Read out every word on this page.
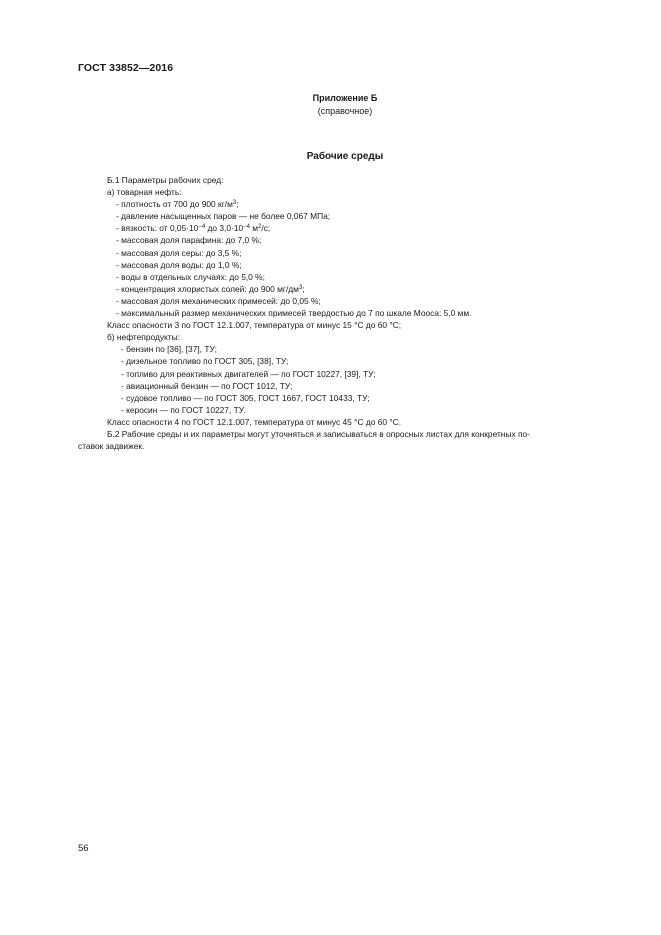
ГОСТ 33852—2016
Приложение Б
(справочное)
Рабочие среды
Б.1 Параметры рабочих сред:
а) товарная нефть:
- плотность от 700 до 900 $кг/м^3$;
- давление насыщенных паров — не более 0,067 МПа;
- вязкость: от $0,05\cdot 10^{-4}$ до $3,0\cdot 10^{-4}$ $м^2/с$;
- массовая доля парафина: до 7,0 %;
- массовая доля серы: до 3,5 %;
- массовая доля воды: до 1,0 %;
- воды в отдельных случаях: до 5,0 %;
- концентрация хлористых солей: до 900 $мг/дм^3$;
- массовая доля механических примесей: до 0,05 %;
- максимальный размер механических примесей твердостью до 7 по шкале Мооса: 5,0 мм.
Класс опасности 3 по ГОСТ 12.1.007, температура от минус 15 °С до 60 °С;
б) нефтепродукты:
- бензин по [36], [37], ТУ;
- дизельное топливо по ГОСТ 305, [38], ТУ;
- топливо для реактивных двигателей — по ГОСТ 10227, [39], ТУ;
- авиационный бензин — по ГОСТ 1012, ТУ;
- судовое топливо — по ГОСТ 305, ГОСТ 1667, ГОСТ 10433, ТУ;
- керосин — по ГОСТ 10227, ТУ.
Класс опасности 4 по ГОСТ 12.1.007, температура от минус 45 °С до 60 °С.
Б.2 Рабочие среды и их параметры могут уточняться и записываться в опросных листах для конкретных по-
ставок задвижек.
56
